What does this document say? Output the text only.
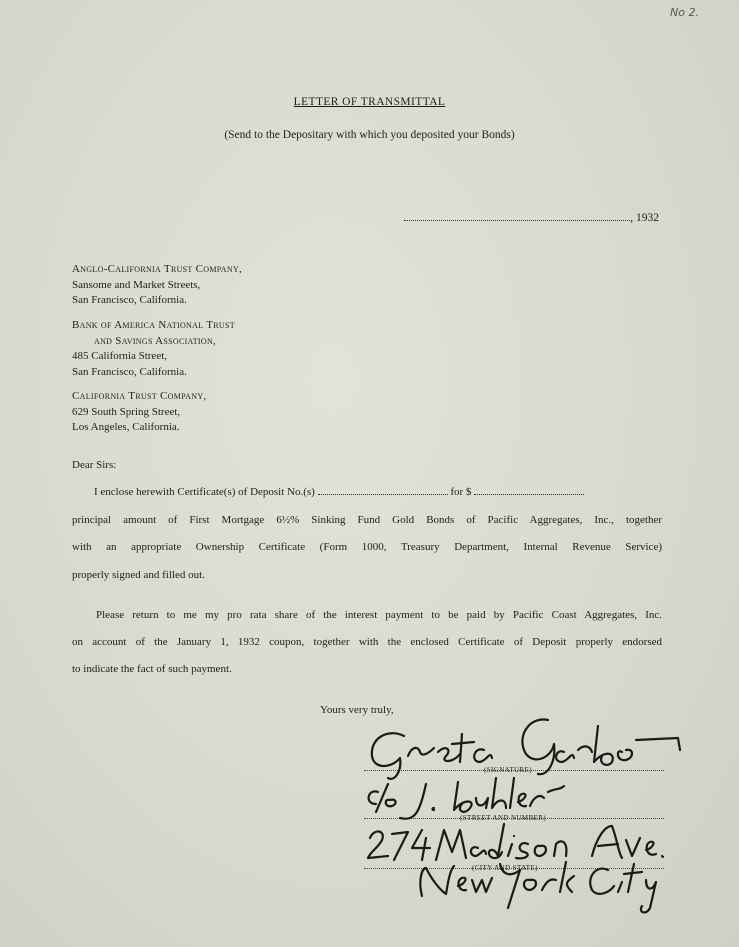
No 2.
LETTER OF TRANSMITTAL
(Send to the Depositary with which you deposited your Bonds)
, 1932
Anglo-California Trust Company,
Sansome and Market Streets,
San Francisco, California.
Bank of America National Trust
and Savings Association,
485 California Street,
San Francisco, California.
California Trust Company,
629 South Spring Street,
Los Angeles, California.
Dear Sirs:
I enclose herewith Certificate(s) of Deposit No.(s)	for $
principal amount of First Mortgage 6½% Sinking Fund Gold Bonds of Pacific Aggregates, Inc., together
with an appropriate Ownership Certificate (Form 1000, Treasury Department, Internal Revenue Service)
properly signed and filled out.
Please return to me my pro rata share of the interest payment to be paid by Pacific Coast Aggregates, Inc.
on account of the January 1, 1932 coupon, together with the enclosed Certificate of Deposit properly endorsed
to indicate the fact of such payment.
Yours very truly,
(SIGNATURE)
(STREET AND NUMBER)
(CITY AND STATE)
